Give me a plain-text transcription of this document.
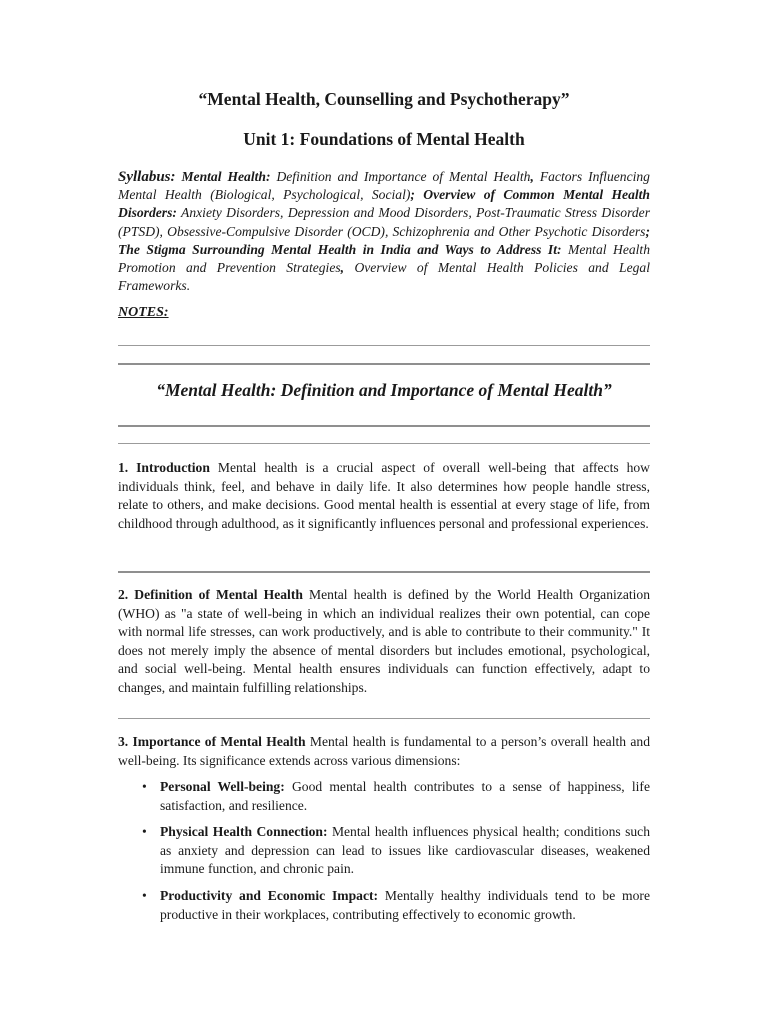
“Mental Health, Counselling and Psychotherapy”
Unit 1: Foundations of Mental Health
Syllabus: Mental Health: Definition and Importance of Mental Health, Factors Influencing Mental Health (Biological, Psychological, Social); Overview of Common Mental Health Disorders: Anxiety Disorders, Depression and Mood Disorders, Post-Traumatic Stress Disorder (PTSD), Obsessive-Compulsive Disorder (OCD), Schizophrenia and Other Psychotic Disorders; The Stigma Surrounding Mental Health in India and Ways to Address It: Mental Health Promotion and Prevention Strategies, Overview of Mental Health Policies and Legal Frameworks.
NOTES:
“Mental Health: Definition and Importance of Mental Health”
1. Introduction Mental health is a crucial aspect of overall well-being that affects how individuals think, feel, and behave in daily life. It also determines how people handle stress, relate to others, and make decisions. Good mental health is essential at every stage of life, from childhood through adulthood, as it significantly influences personal and professional experiences.
2. Definition of Mental Health Mental health is defined by the World Health Organization (WHO) as "a state of well-being in which an individual realizes their own potential, can cope with normal life stresses, can work productively, and is able to contribute to their community." It does not merely imply the absence of mental disorders but includes emotional, psychological, and social well-being. Mental health ensures individuals can function effectively, adapt to changes, and maintain fulfilling relationships.
3. Importance of Mental Health Mental health is fundamental to a person’s overall health and well-being. Its significance extends across various dimensions:
• Personal Well-being: Good mental health contributes to a sense of happiness, life satisfaction, and resilience.
• Physical Health Connection: Mental health influences physical health; conditions such as anxiety and depression can lead to issues like cardiovascular diseases, weakened immune function, and chronic pain.
• Productivity and Economic Impact: Mentally healthy individuals tend to be more productive in their workplaces, contributing effectively to economic growth.
